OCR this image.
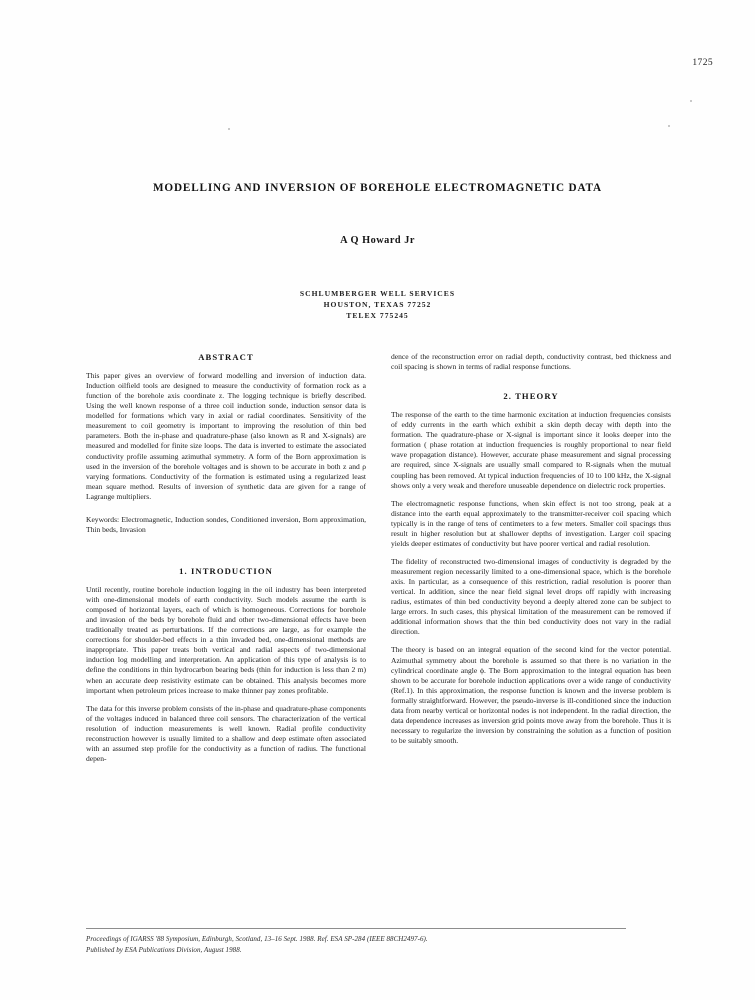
1725
MODELLING AND INVERSION OF BOREHOLE ELECTROMAGNETIC DATA
A Q Howard Jr
SCHLUMBERGER WELL SERVICES
HOUSTON, TEXAS 77252
TELEX 775245
ABSTRACT

This paper gives an overview of forward modelling and inversion of induction data. Induction oilfield tools are designed to measure the conductivity of formation rock as a function of the borehole axis coordinate z. The logging technique is briefly described. Using the well known response of a three coil induction sonde, induction sensor data is modelled for formations which vary in axial or radial coordinates. Sensitivity of the measurement to coil geometry is important to improving the resolution of thin bed parameters. Both the in-phase and quadrature-phase (also known as R and X-signals) are measured and modelled for finite size loops. The data is inverted to estimate the associated conductivity profile assuming azimuthal symmetry. A form of the Born approximation is used in the inversion of the borehole voltages and is shown to be accurate in both z and ρ varying formations. Conductivity of the formation is estimated using a regularized least mean square method. Results of inversion of synthetic data are given for a range of Lagrange multipliers.

Keywords: Electromagnetic, Induction sondes, Conditioned inversion, Born approximation, Thin beds, Invasion

1. INTRODUCTION

Until recently, routine borehole induction logging in the oil industry has been interpreted with one-dimensional models of earth conductivity. Such models assume the earth is composed of horizontal layers, each of which is homogeneous. Corrections for borehole and invasion of the beds by borehole fluid and other two-dimensional effects have been traditionally treated as perturbations. If the corrections are large, as for example the corrections for shoulder-bed effects in a thin invaded bed, one-dimensional methods are inappropriate. This paper treats both vertical and radial aspects of two-dimensional induction log modelling and interpretation. An application of this type of analysis is to define the conditions in thin hydrocarbon bearing beds (thin for induction is less than 2 m) when an accurate deep resistivity estimate can be obtained. This analysis becomes more important when petroleum prices increase to make thinner pay zones profitable.

The data for this inverse problem consists of the in-phase and quadrature-phase components of the voltages induced in balanced three coil sensors. The characterization of the vertical resolution of induction measurements is well known. Radial profile conductivity reconstruction however is usually limited to a shallow and deep estimate often associated with an assumed step profile for the conductivity as a function of radius. The functional depen-

dence of the reconstruction error on radial depth, conductivity contrast, bed thickness and coil spacing is shown in terms of radial response functions.

2. THEORY

The response of the earth to the time harmonic excitation at induction frequencies consists of eddy currents in the earth which exhibit a skin depth decay with depth into the formation. The quadrature-phase or X-signal is important since it looks deeper into the formation ( phase rotation at induction frequencies is roughly proportional to near field wave propagation distance). However, accurate phase measurement and signal processing are required, since X-signals are usually small compared to R-signals when the mutual coupling has been removed. At typical induction frequencies of 10 to 100 kHz, the X-signal shows only a very weak and therefore unuseable dependence on dielectric rock properties.

The electromagnetic response functions, when skin effect is not too strong, peak at a distance into the earth equal approximately to the transmitter-receiver coil spacing which typically is in the range of tens of centimeters to a few meters. Smaller coil spacings thus result in higher resolution but at shallower depths of investigation. Larger coil spacing yields deeper estimates of conductivity but have poorer vertical and radial resolution.

The fidelity of reconstructed two-dimensional images of conductivity is degraded by the measurement region necessarily limited to a one-dimensional space, which is the borehole axis. In particular, as a consequence of this restriction, radial resolution is poorer than vertical. In addition, since the near field signal level drops off rapidly with increasing radius, estimates of thin bed conductivity beyond a deeply altered zone can be subject to large errors. In such cases, this physical limitation of the measurement can be removed if additional information shows that the thin bed conductivity does not vary in the radial direction.

The theory is based on an integral equation of the second kind for the vector potential. Azimuthal symmetry about the borehole is assumed so that there is no variation in the cylindrical coordinate angle ϕ. The Born approximation to the integral equation has been shown to be accurate for borehole induction applications over a wide range of conductivity (Ref.1). In this approximation, the response function is known and the inverse problem is formally straightforward. However, the pseudo-inverse is ill-conditioned since the induction data from nearby vertical or horizontal nodes is not independent. In the radial direction, the data dependence increases as inversion grid points move away from the borehole. Thus it is necessary to regularize the inversion by constraining the solution as a function of position to be suitably smooth.

Proceedings of IGARSS '88 Symposium, Edinburgh, Scotland, 13–16 Sept. 1988. Ref. ESA SP-284 (IEEE 88CH2497-6).
Published by ESA Publications Division, August 1988.
